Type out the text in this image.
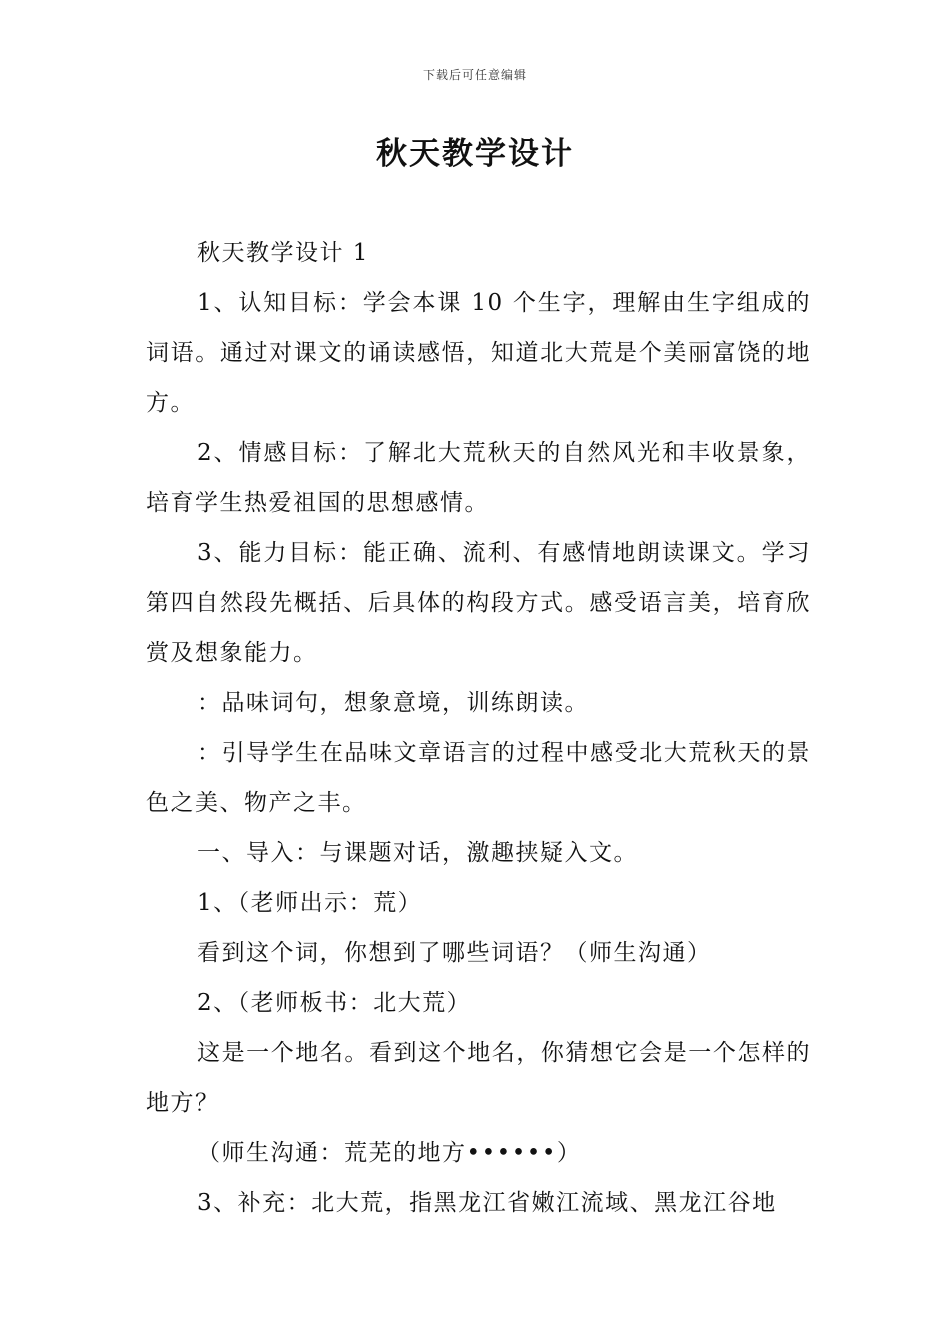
下载后可任意编辑
秋天教学设计

秋天教学设计 1

1、认知目标：学会本课 10 个生字，理解由生字组成的词语。通过对课文的诵读感悟，知道北大荒是个美丽富饶的地方。

2、情感目标：了解北大荒秋天的自然风光和丰收景象，培育学生热爱祖国的思想感情。

3、能力目标：能正确、流利、有感情地朗读课文。学习第四自然段先概括、后具体的构段方式。感受语言美，培育欣赏及想象能力。

：品味词句，想象意境，训练朗读。

：引导学生在品味文章语言的过程中感受北大荒秋天的景色之美、物产之丰。

一、导入：与课题对话，激趣挟疑入文。

1、（老师出示：荒）

看到这个词，你想到了哪些词语？（师生沟通）

2、（老师板书：北大荒）

这是一个地名。看到这个地名，你猜想它会是一个怎样的地方？

（师生沟通：荒芜的地方••••••）

3、补充：北大荒，指黑龙江省嫩江流域、黑龙江谷地
